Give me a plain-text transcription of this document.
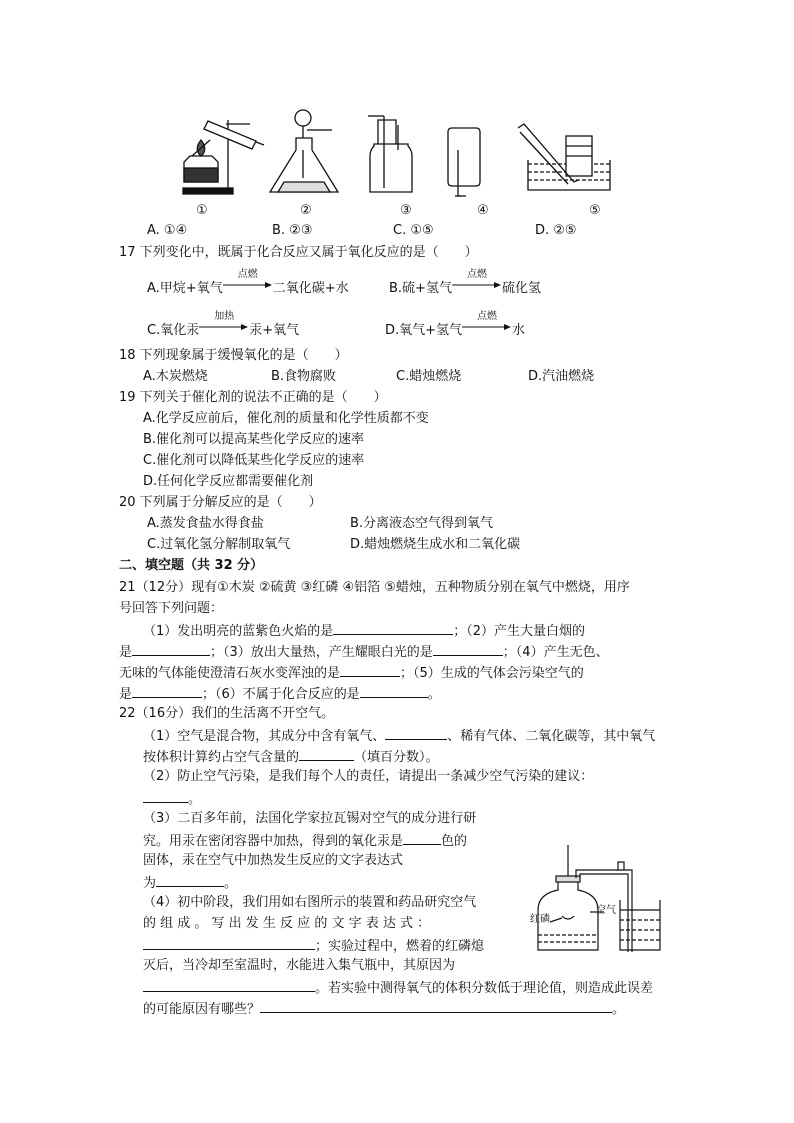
①	②	③	④	⑤
A. ①④	B. ②③	C. ①⑤	D. ②⑤
17 下列变化中，既属于化合反应又属于氧化反应的是（　　）
A.甲烷+氧气
点燃
二氧化碳+水	B.硫+氢气
点燃
硫化氢
C.氧化汞
加热
汞+氧气	D.氧气+氢气
点燃
水
18 下列现象属于缓慢氧化的是（　　）
A.木炭燃烧	B.食物腐败	C.蜡烛燃烧	D.汽油燃烧
19 下列关于催化剂的说法不正确的是（　　）
A.化学反应前后，催化剂的质量和化学性质都不变
B.催化剂可以提高某些化学反应的速率
C.催化剂可以降低某些化学反应的速率
D.任何化学反应都需要催化剂
20 下列属于分解反应的是（　　）
A.蒸发食盐水得食盐	B.分离液态空气得到氧气
C.过氧化氢分解制取氧气	D.蜡烛燃烧生成水和二氧化碳
二、填空题（共 32 分）
21（12分）现有①木炭 ②硫黄 ③红磷 ④铝箔 ⑤蜡烛，五种物质分别在氧气中燃烧，用序
号回答下列问题：
（1）发出明亮的蓝紫色火焰的是	；（2）产生大量白烟的
是	；（3）放出大量热，产生耀眼白光的是	；（4）产生无色、
无味的气体能使澄清石灰水变浑浊的是	；（5）生成的气体会污染空气的
是	；（6）不属于化合反应的是	。
22（16分）我们的生活离不开空气。
（1）空气是混合物，其成分中含有氧气、	、稀有气体、二氧化碳等，其中氧气
按体积计算约占空气含量的	（填百分数）。
（2）防止空气污染，是我们每个人的责任，请提出一条减少空气污染的建议：
。
（3）二百多年前，法国化学家拉瓦锡对空气的成分进行研
究。用汞在密闭容器中加热，得到的氧化汞是	色的
固体，汞在空气中加热发生反应的文字表达式
为	。
（4）初中阶段，我们用如右图所示的装置和药品研究空气
的 组 成 。 写 出 发 生 反 应 的 文 字 表 达 式 ：
；实验过程中，燃着的红磷熄
灭后，当冷却至室温时，水能进入集气瓶中，其原因为
。若实验中测得氧气的体积分数低于理论值，则造成此误差
的可能原因有哪些？	。
红磷
空气
